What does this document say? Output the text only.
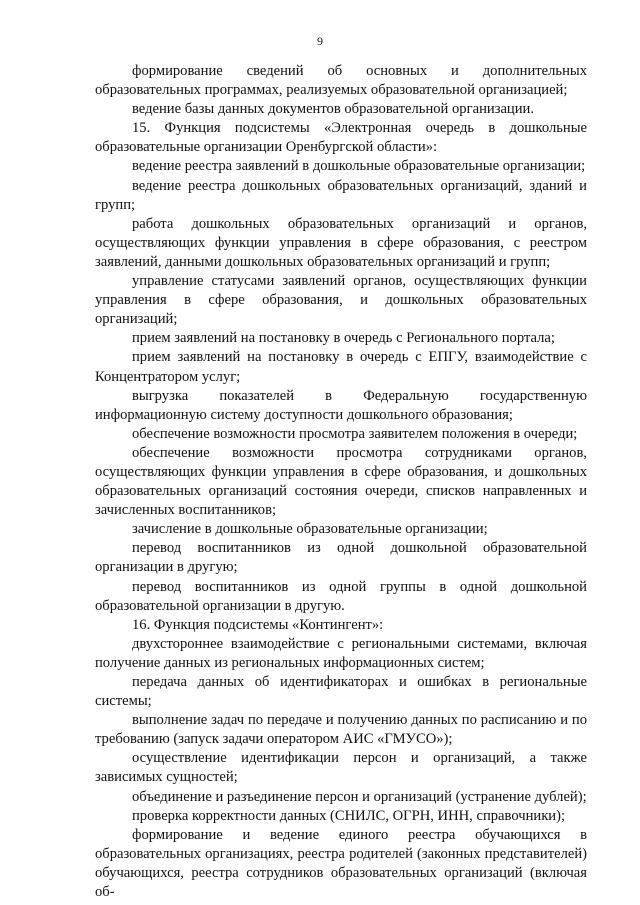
9

формирование сведений об основных и дополнительных образовательных программах, реализуемых образовательной организацией;

ведение базы данных документов образовательной организации.

15. Функция подсистемы «Электронная очередь в дошкольные образовательные организации Оренбургской области»:

ведение реестра заявлений в дошкольные образовательные организации;

ведение реестра дошкольных образовательных организаций, зданий и групп;

работа дошкольных образовательных организаций и органов, осуществляющих функции управления в сфере образования, с реестром заявлений, данными дошкольных образовательных организаций и групп;

управление статусами заявлений органов, осуществляющих функции управления в сфере образования, и дошкольных образовательных организаций;

прием заявлений на постановку в очередь с Регионального портала;

прием заявлений на постановку в очередь с ЕПГУ, взаимодействие с Концентратором услуг;

выгрузка показателей в Федеральную государственную информационную систему доступности дошкольного образования;

обеспечение возможности просмотра заявителем положения в очереди;

обеспечение возможности просмотра сотрудниками органов, осуществляющих функции управления в сфере образования, и дошкольных образовательных организаций состояния очереди, списков направленных и зачисленных воспитанников;

зачисление в дошкольные образовательные организации;

перевод воспитанников из одной дошкольной образовательной организации в другую;

перевод воспитанников из одной группы в одной дошкольной образовательной организации в другую.

16. Функция подсистемы «Контингент»:

двухстороннее взаимодействие с региональными системами, включая получение данных из региональных информационных систем;

передача данных об идентификаторах и ошибках в региональные системы;

выполнение задач по передаче и получению данных по расписанию и по требованию (запуск задачи оператором АИС «ГМУСО»);

осуществление идентификации персон и организаций, а также зависимых сущностей;

объединение и разъединение персон и организаций (устранение дублей);

проверка корректности данных (СНИЛС, ОГРН, ИНН, справочники);

формирование и ведение единого реестра обучающихся в образовательных организациях, реестра родителей (законных представителей) обучающихся, реестра сотрудников образовательных организаций (включая об-
